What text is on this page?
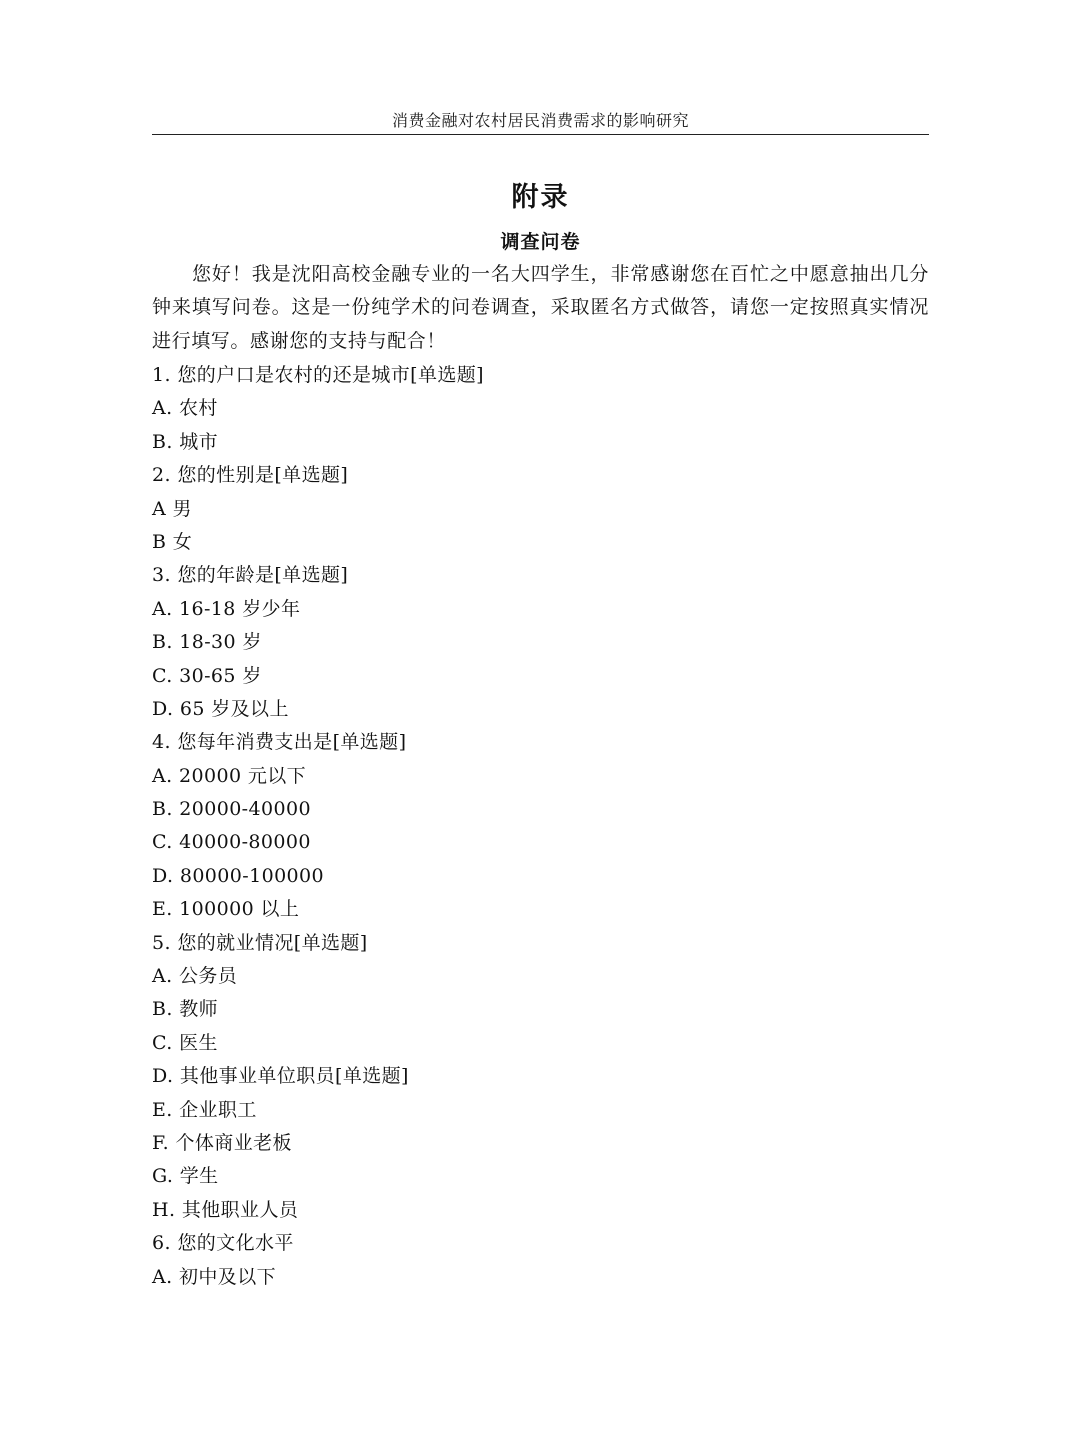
消费金融对农村居民消费需求的影响研究
附录
调查问卷

您好！我是沈阳高校金融专业的一名大四学生，非常感谢您在百忙之中愿意抽出几分钟来填写问卷。这是一份纯学术的问卷调查，采取匿名方式做答，请您一定按照真实情况进行填写。感谢您的支持与配合！

1. 您的户口是农村的还是城市[单选题]
A. 农村
B. 城市
2. 您的性别是[单选题]
A 男
B 女
3. 您的年龄是[单选题]
A. 16-18 岁少年
B. 18-30 岁
C. 30-65 岁
D. 65 岁及以上
4. 您每年消费支出是[单选题]
A. 20000 元以下
B. 20000-40000
C. 40000-80000
D. 80000-100000
E. 100000 以上
5. 您的就业情况[单选题]
A. 公务员
B. 教师
C. 医生
D. 其他事业单位职员[单选题]
E. 企业职工
F. 个体商业老板
G. 学生
H. 其他职业人员
6. 您的文化水平
A. 初中及以下
